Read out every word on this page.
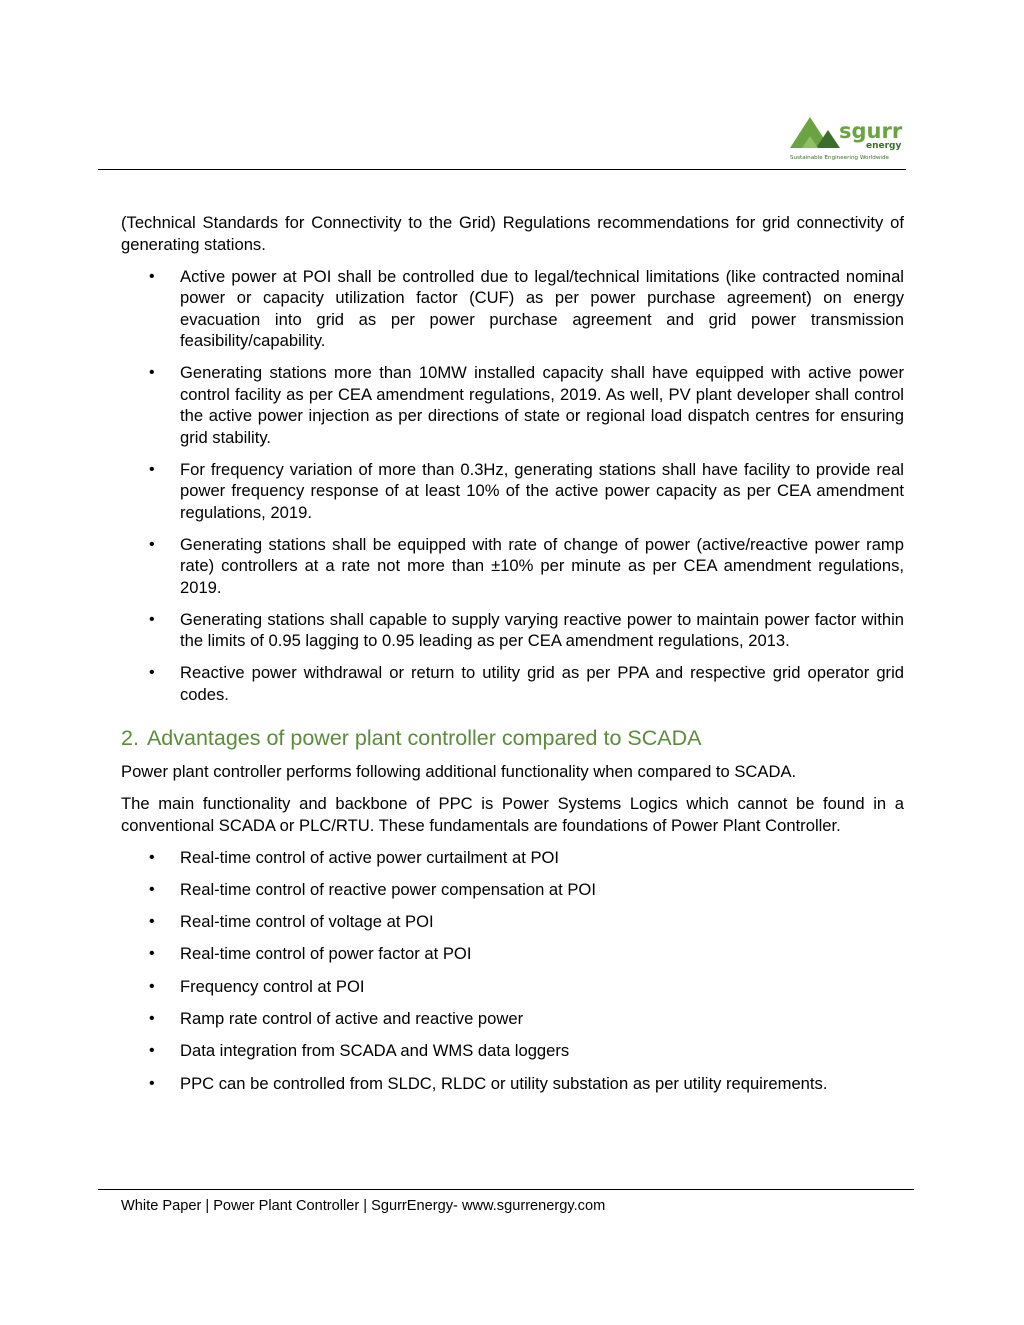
sgurr
energy
Sustainable Engineering Worldwide

(Technical Standards for Connectivity to the Grid) Regulations recommendations for grid connectivity of generating stations.

• Active power at POI shall be controlled due to legal/technical limitations (like contracted nominal power or capacity utilization factor (CUF) as per power purchase agreement) on energy evacuation into grid as per power purchase agreement and grid power transmission feasibility/capability.
• Generating stations more than 10MW installed capacity shall have equipped with active power control facility as per CEA amendment regulations, 2019. As well, PV plant developer shall control the active power injection as per directions of state or regional load dispatch centres for ensuring grid stability.
• For frequency variation of more than 0.3Hz, generating stations shall have facility to provide real power frequency response of at least 10% of the active power capacity as per CEA amendment regulations, 2019.
• Generating stations shall be equipped with rate of change of power (active/reactive power ramp rate) controllers at a rate not more than ±10% per minute as per CEA amendment regulations, 2019.
• Generating stations shall capable to supply varying reactive power to maintain power factor within the limits of 0.95 lagging to 0.95 leading as per CEA amendment regulations, 2013.
• Reactive power withdrawal or return to utility grid as per PPA and respective grid operator grid codes.
2. Advantages of power plant controller compared to SCADA

Power plant controller performs following additional functionality when compared to SCADA.

The main functionality and backbone of PPC is Power Systems Logics which cannot be found in a conventional SCADA or PLC/RTU. These fundamentals are foundations of Power Plant Controller.

• Real-time control of active power curtailment at POI
• Real-time control of reactive power compensation at POI
• Real-time control of voltage at POI
• Real-time control of power factor at POI
• Frequency control at POI
• Ramp rate control of active and reactive power
• Data integration from SCADA and WMS data loggers
• PPC can be controlled from SLDC, RLDC or utility substation as per utility requirements.
White Paper | Power Plant Controller | SgurrEnergy- www.sgurrenergy.com
